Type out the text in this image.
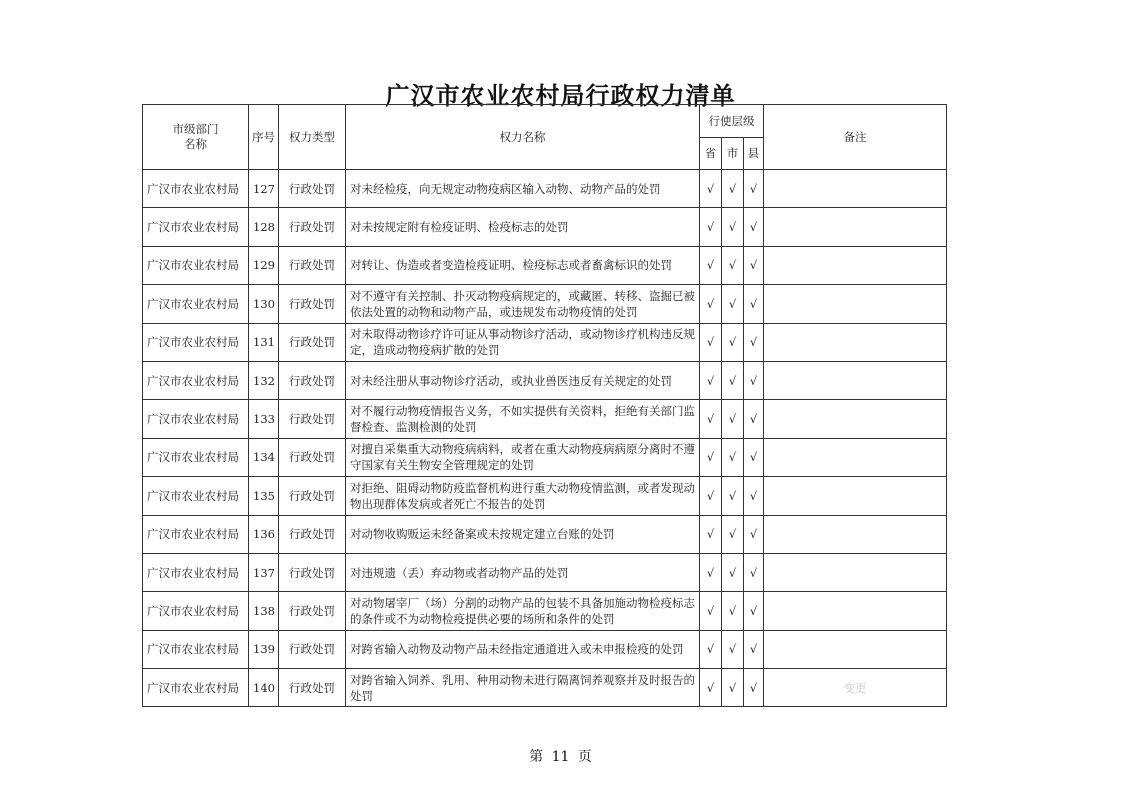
广汉市农业农村局行政权力清单
市级部门名称	序号	权力类型	权力名称	行使层级			备注
				省	市	县	
广汉市农业农村局	127	行政处罚	对未经检疫，向无规定动物疫病区输入动物、动物产品的处罚	√	√	√	
广汉市农业农村局	128	行政处罚	对未按规定附有检疫证明、检疫标志的处罚	√	√	√	
广汉市农业农村局	129	行政处罚	对转让、伪造或者变造检疫证明、检疫标志或者畜禽标识的处罚	√	√	√	
广汉市农业农村局	130	行政处罚	对不遵守有关控制、扑灭动物疫病规定的，或藏匿、转移、盗掘已被依法处置的动物和动物产品，或违规发布动物疫情的处罚	√	√	√	
广汉市农业农村局	131	行政处罚	对未取得动物诊疗许可证从事动物诊疗活动，或动物诊疗机构违反规定，造成动物疫病扩散的处罚	√	√	√	
广汉市农业农村局	132	行政处罚	对未经注册从事动物诊疗活动，或执业兽医违反有关规定的处罚	√	√	√	
广汉市农业农村局	133	行政处罚	对不履行动物疫情报告义务，不如实提供有关资料，拒绝有关部门监督检查、监测检测的处罚	√	√	√	
广汉市农业农村局	134	行政处罚	对擅自采集重大动物疫病病料，或者在重大动物疫病病原分离时不遵守国家有关生物安全管理规定的处罚	√	√	√	
广汉市农业农村局	135	行政处罚	对拒绝、阻碍动物防疫监督机构进行重大动物疫情监测，或者发现动物出现群体发病或者死亡不报告的处罚	√	√	√	
广汉市农业农村局	136	行政处罚	对动物收购贩运未经备案或未按规定建立台账的处罚	√	√	√	
广汉市农业农村局	137	行政处罚	对违规遗（丢）弃动物或者动物产品的处罚	√	√	√	
广汉市农业农村局	138	行政处罚	对动物屠宰厂（场）分割的动物产品的包装不具备加施动物检疫标志的条件或不为动物检疫提供必要的场所和条件的处罚	√	√	√	
广汉市农业农村局	139	行政处罚	对跨省输入动物及动物产品未经指定通道进入或未申报检疫的处罚	√	√	√	
广汉市农业农村局	140	行政处罚	对跨省输入饲养、乳用、种用动物未进行隔离饲养观察并及时报告的处罚	√	√	√	变更
第 11 页
